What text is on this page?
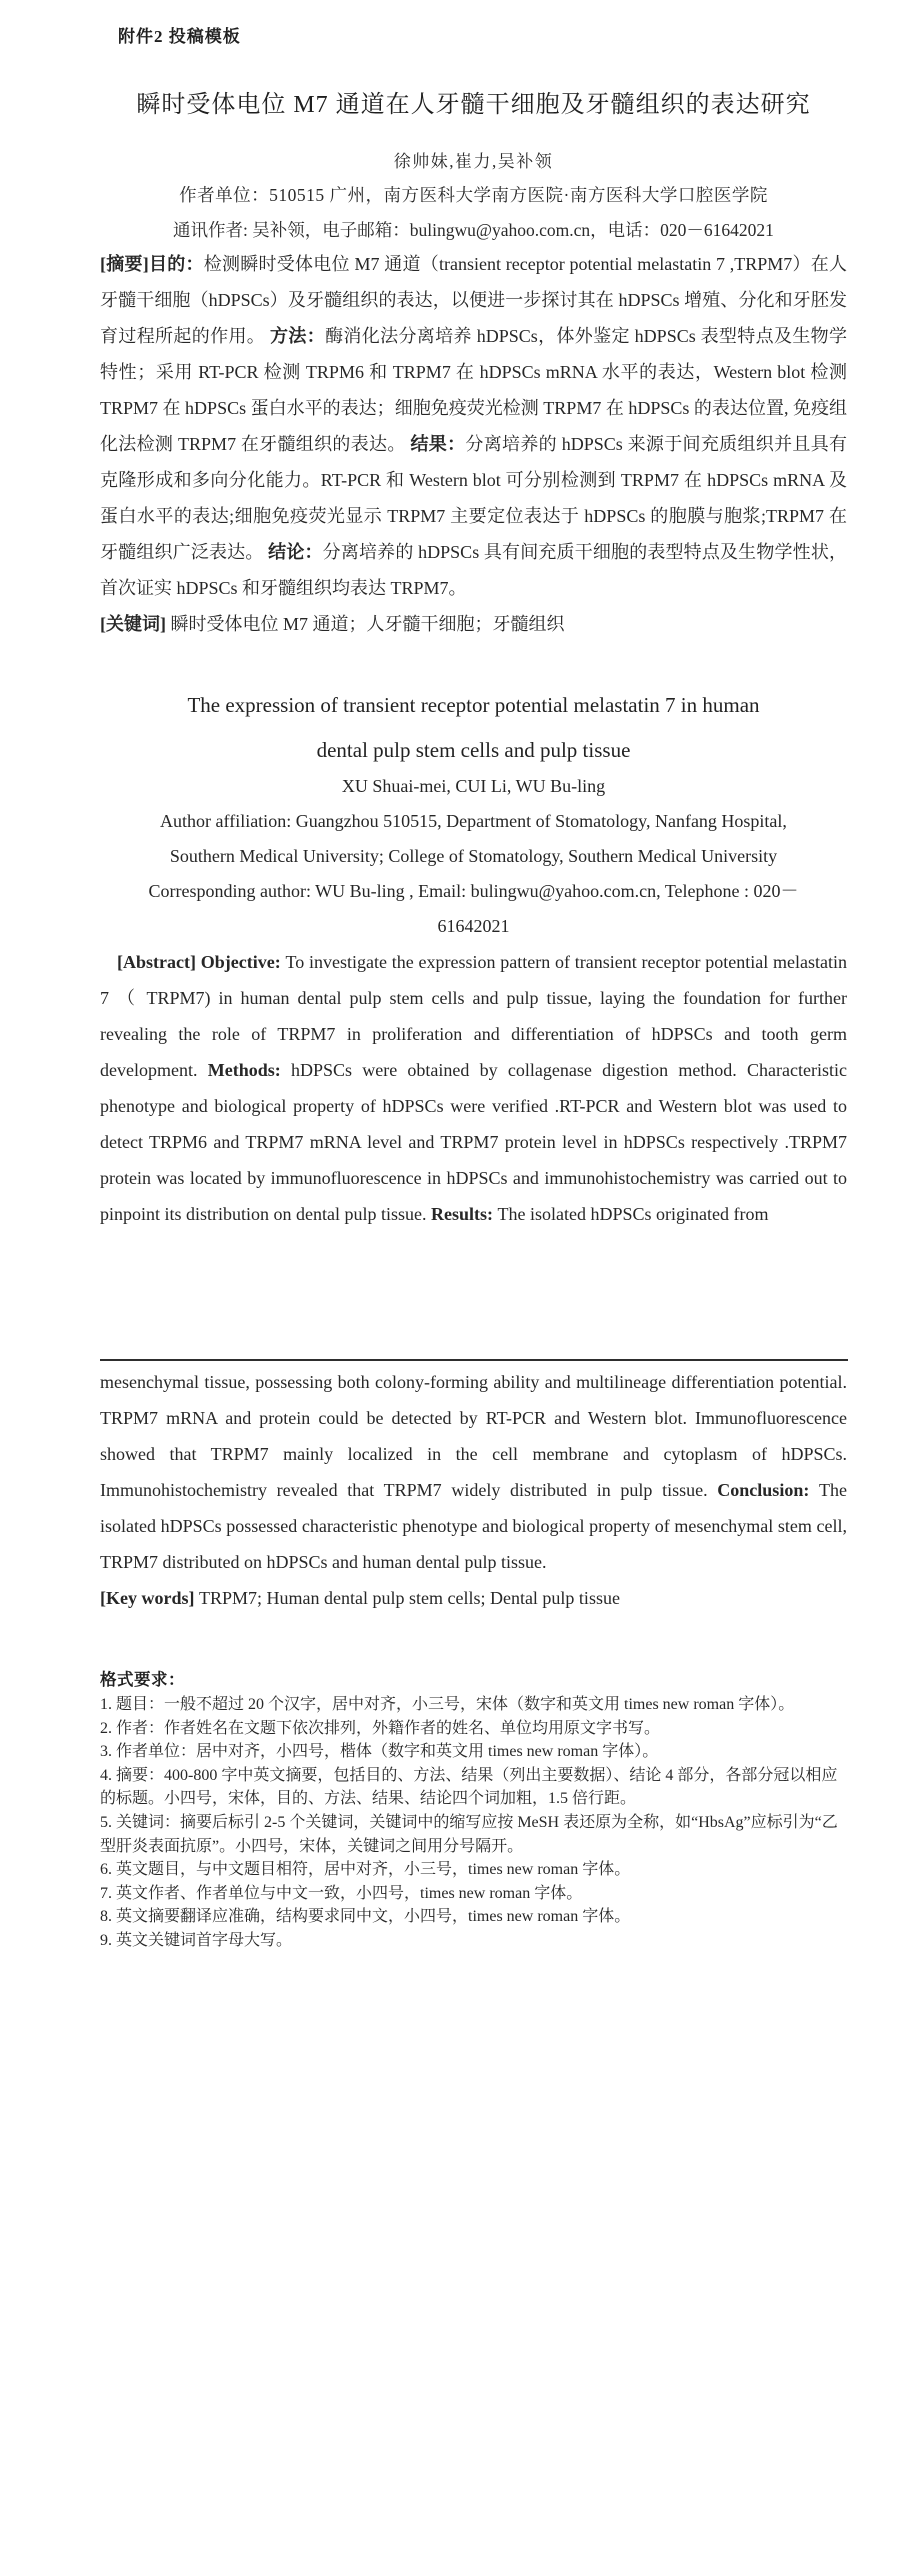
附件2 投稿模板
瞬时受体电位 M7 通道在人牙髓干细胞及牙髓组织的表达研究
徐帅妹,崔力,吴补领
作者单位：510515 广州，南方医科大学南方医院·南方医科大学口腔医学院
通讯作者: 吴补领，电子邮箱：bulingwu@yahoo.com.cn，电话：020－61642021

[摘要]目的：检测瞬时受体电位 M7 通道（transient receptor potential melastatin 7 ,TRPM7）在人牙髓干细胞（hDPSCs）及牙髓组织的表达，以便进一步探讨其在 hDPSCs 增殖、分化和牙胚发育过程所起的作用。 方法：酶消化法分离培养 hDPSCs，体外鉴定 hDPSCs 表型特点及生物学特性；采用 RT-PCR 检测 TRPM6 和 TRPM7 在 hDPSCs mRNA 水平的表达，Western blot 检测 TRPM7 在 hDPSCs 蛋白水平的表达；细胞免疫荧光检测 TRPM7 在 hDPSCs 的表达位置, 免疫组化法检测 TRPM7 在牙髓组织的表达。 结果：分离培养的 hDPSCs 来源于间充质组织并且具有克隆形成和多向分化能力。RT-PCR 和 Western blot 可分别检测到 TRPM7 在 hDPSCs mRNA 及蛋白水平的表达;细胞免疫荧光显示 TRPM7 主要定位表达于 hDPSCs 的胞膜与胞浆;TRPM7 在牙髓组织广泛表达。 结论：分离培养的 hDPSCs 具有间充质干细胞的表型特点及生物学性状，首次证实 hDPSCs 和牙髓组织均表达 TRPM7。

[关键词] 瞬时受体电位 M7 通道；人牙髓干细胞；牙髓组织

The expression of transient receptor potential melastatin 7 in human
dental pulp stem cells and pulp tissue
XU Shuai-mei, CUI Li, WU Bu-ling
Author affiliation: Guangzhou 510515, Department of Stomatology, Nanfang Hospital,
Southern Medical University; College of Stomatology, Southern Medical University
Corresponding author: WU Bu-ling , Email: bulingwu@yahoo.com.cn, Telephone : 020－
61642021

[Abstract] Objective: To investigate the expression pattern of transient receptor potential melastatin 7 （ TRPM7) in human dental pulp stem cells and pulp tissue, laying the foundation for further revealing the role of TRPM7 in proliferation and differentiation of hDPSCs and tooth germ development. Methods: hDPSCs were obtained by collagenase digestion method. Characteristic phenotype and biological property of hDPSCs were verified .RT-PCR and Western blot was used to detect TRPM6 and TRPM7 mRNA level and TRPM7 protein level in hDPSCs respectively .TRPM7 protein was located by immunofluorescence in hDPSCs and immunohistochemistry was carried out to pinpoint its distribution on dental pulp tissue. Results: The isolated hDPSCs originated from

mesenchymal tissue, possessing both colony-forming ability and multilineage differentiation potential. TRPM7 mRNA and protein could be detected by RT-PCR and Western blot. Immunofluorescence showed that TRPM7 mainly localized in the cell membrane and cytoplasm of hDPSCs. Immunohistochemistry revealed that TRPM7 widely distributed in pulp tissue. Conclusion: The isolated hDPSCs possessed characteristic phenotype and biological property of mesenchymal stem cell, TRPM7 distributed on hDPSCs and human dental pulp tissue.

[Key words] TRPM7; Human dental pulp stem cells; Dental pulp tissue

格式要求：
1. 题目：一般不超过 20 个汉字，居中对齐，小三号，宋体（数字和英文用 times new roman 字体）。
2. 作者：作者姓名在文题下依次排列，外籍作者的姓名、单位均用原文字书写。
3. 作者单位：居中对齐，小四号，楷体（数字和英文用 times new roman 字体）。
4. 摘要：400-800 字中英文摘要，包括目的、方法、结果（列出主要数据）、结论 4 部分，各部分冠以相应的标题。小四号，宋体，目的、方法、结果、结论四个词加粗，1.5 倍行距。
5. 关键词：摘要后标引 2-5 个关键词，关键词中的缩写应按 MeSH 表还原为全称，如“HbsAg”应标引为“乙型肝炎表面抗原”。小四号，宋体，关键词之间用分号隔开。
6. 英文题目，与中文题目相符，居中对齐，小三号，times new roman 字体。
7. 英文作者、作者单位与中文一致，小四号，times new roman 字体。
8. 英文摘要翻译应准确，结构要求同中文，小四号，times new roman 字体。
9. 英文关键词首字母大写。
